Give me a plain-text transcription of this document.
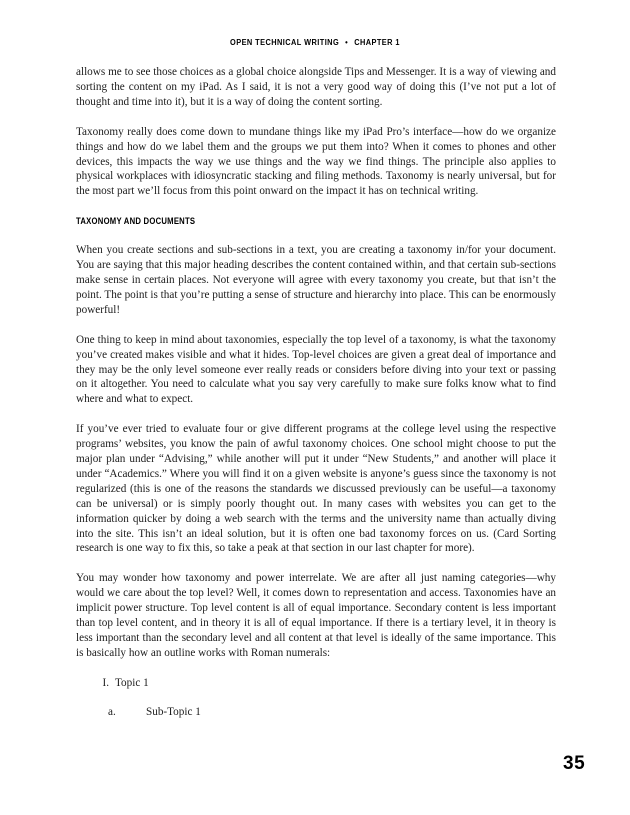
OPEN TECHNICAL WRITING • CHAPTER 1

allows me to see those choices as a global choice alongside Tips and Messenger. It is a way of viewing and sorting the content on my iPad. As I said, it is not a very good way of doing this (I’ve not put a lot of thought and time into it), but it is a way of doing the content sorting.

Taxonomy really does come down to mundane things like my iPad Pro’s interface—how do we organize things and how do we label them and the groups we put them into? When it comes to phones and other devices, this impacts the way we use things and the way we find things. The principle also applies to physical workplaces with idiosyncratic stacking and filing methods. Taxonomy is nearly universal, but for the most part we’ll focus from this point onward on the impact it has on technical writing.

TAXONOMY AND DOCUMENTS

When you create sections and sub-sections in a text, you are creating a taxonomy in/for your document. You are saying that this major heading describes the content contained within, and that certain sub-sections make sense in certain places. Not everyone will agree with every taxonomy you create, but that isn’t the point. The point is that you’re putting a sense of structure and hierarchy into place. This can be enormously powerful!

One thing to keep in mind about taxonomies, especially the top level of a taxonomy, is what the taxonomy you’ve created makes visible and what it hides. Top-level choices are given a great deal of importance and they may be the only level someone ever really reads or considers before diving into your text or passing on it altogether. You need to calculate what you say very carefully to make sure folks know what to find where and what to expect.

If you’ve ever tried to evaluate four or give different programs at the college level using the respective programs’ websites, you know the pain of awful taxonomy choices. One school might choose to put the major plan under “Advising,” while another will put it under “New Students,” and another will place it under “Academics.” Where you will find it on a given website is anyone’s guess since the taxonomy is not regularized (this is one of the reasons the standards we discussed previously can be useful—a taxonomy can be universal) or is simply poorly thought out. In many cases with websites you can get to the information quicker by doing a web search with the terms and the university name than actually diving into the site. This isn’t an ideal solution, but it is often one bad taxonomy forces on us. (Card Sorting research is one way to fix this, so take a peak at that section in our last chapter for more).

You may wonder how taxonomy and power interrelate. We are after all just naming categories—why would we care about the top level? Well, it comes down to representation and access. Taxonomies have an implicit power structure. Top level content is all of equal importance. Secondary content is less important than top level content, and in theory it is all of equal importance. If there is a tertiary level, it in theory is less important than the secondary level and all content at that level is ideally of the same importance. This is basically how an outline works with Roman numerals:

I. Topic 1
a.	Sub-Topic 1
35
